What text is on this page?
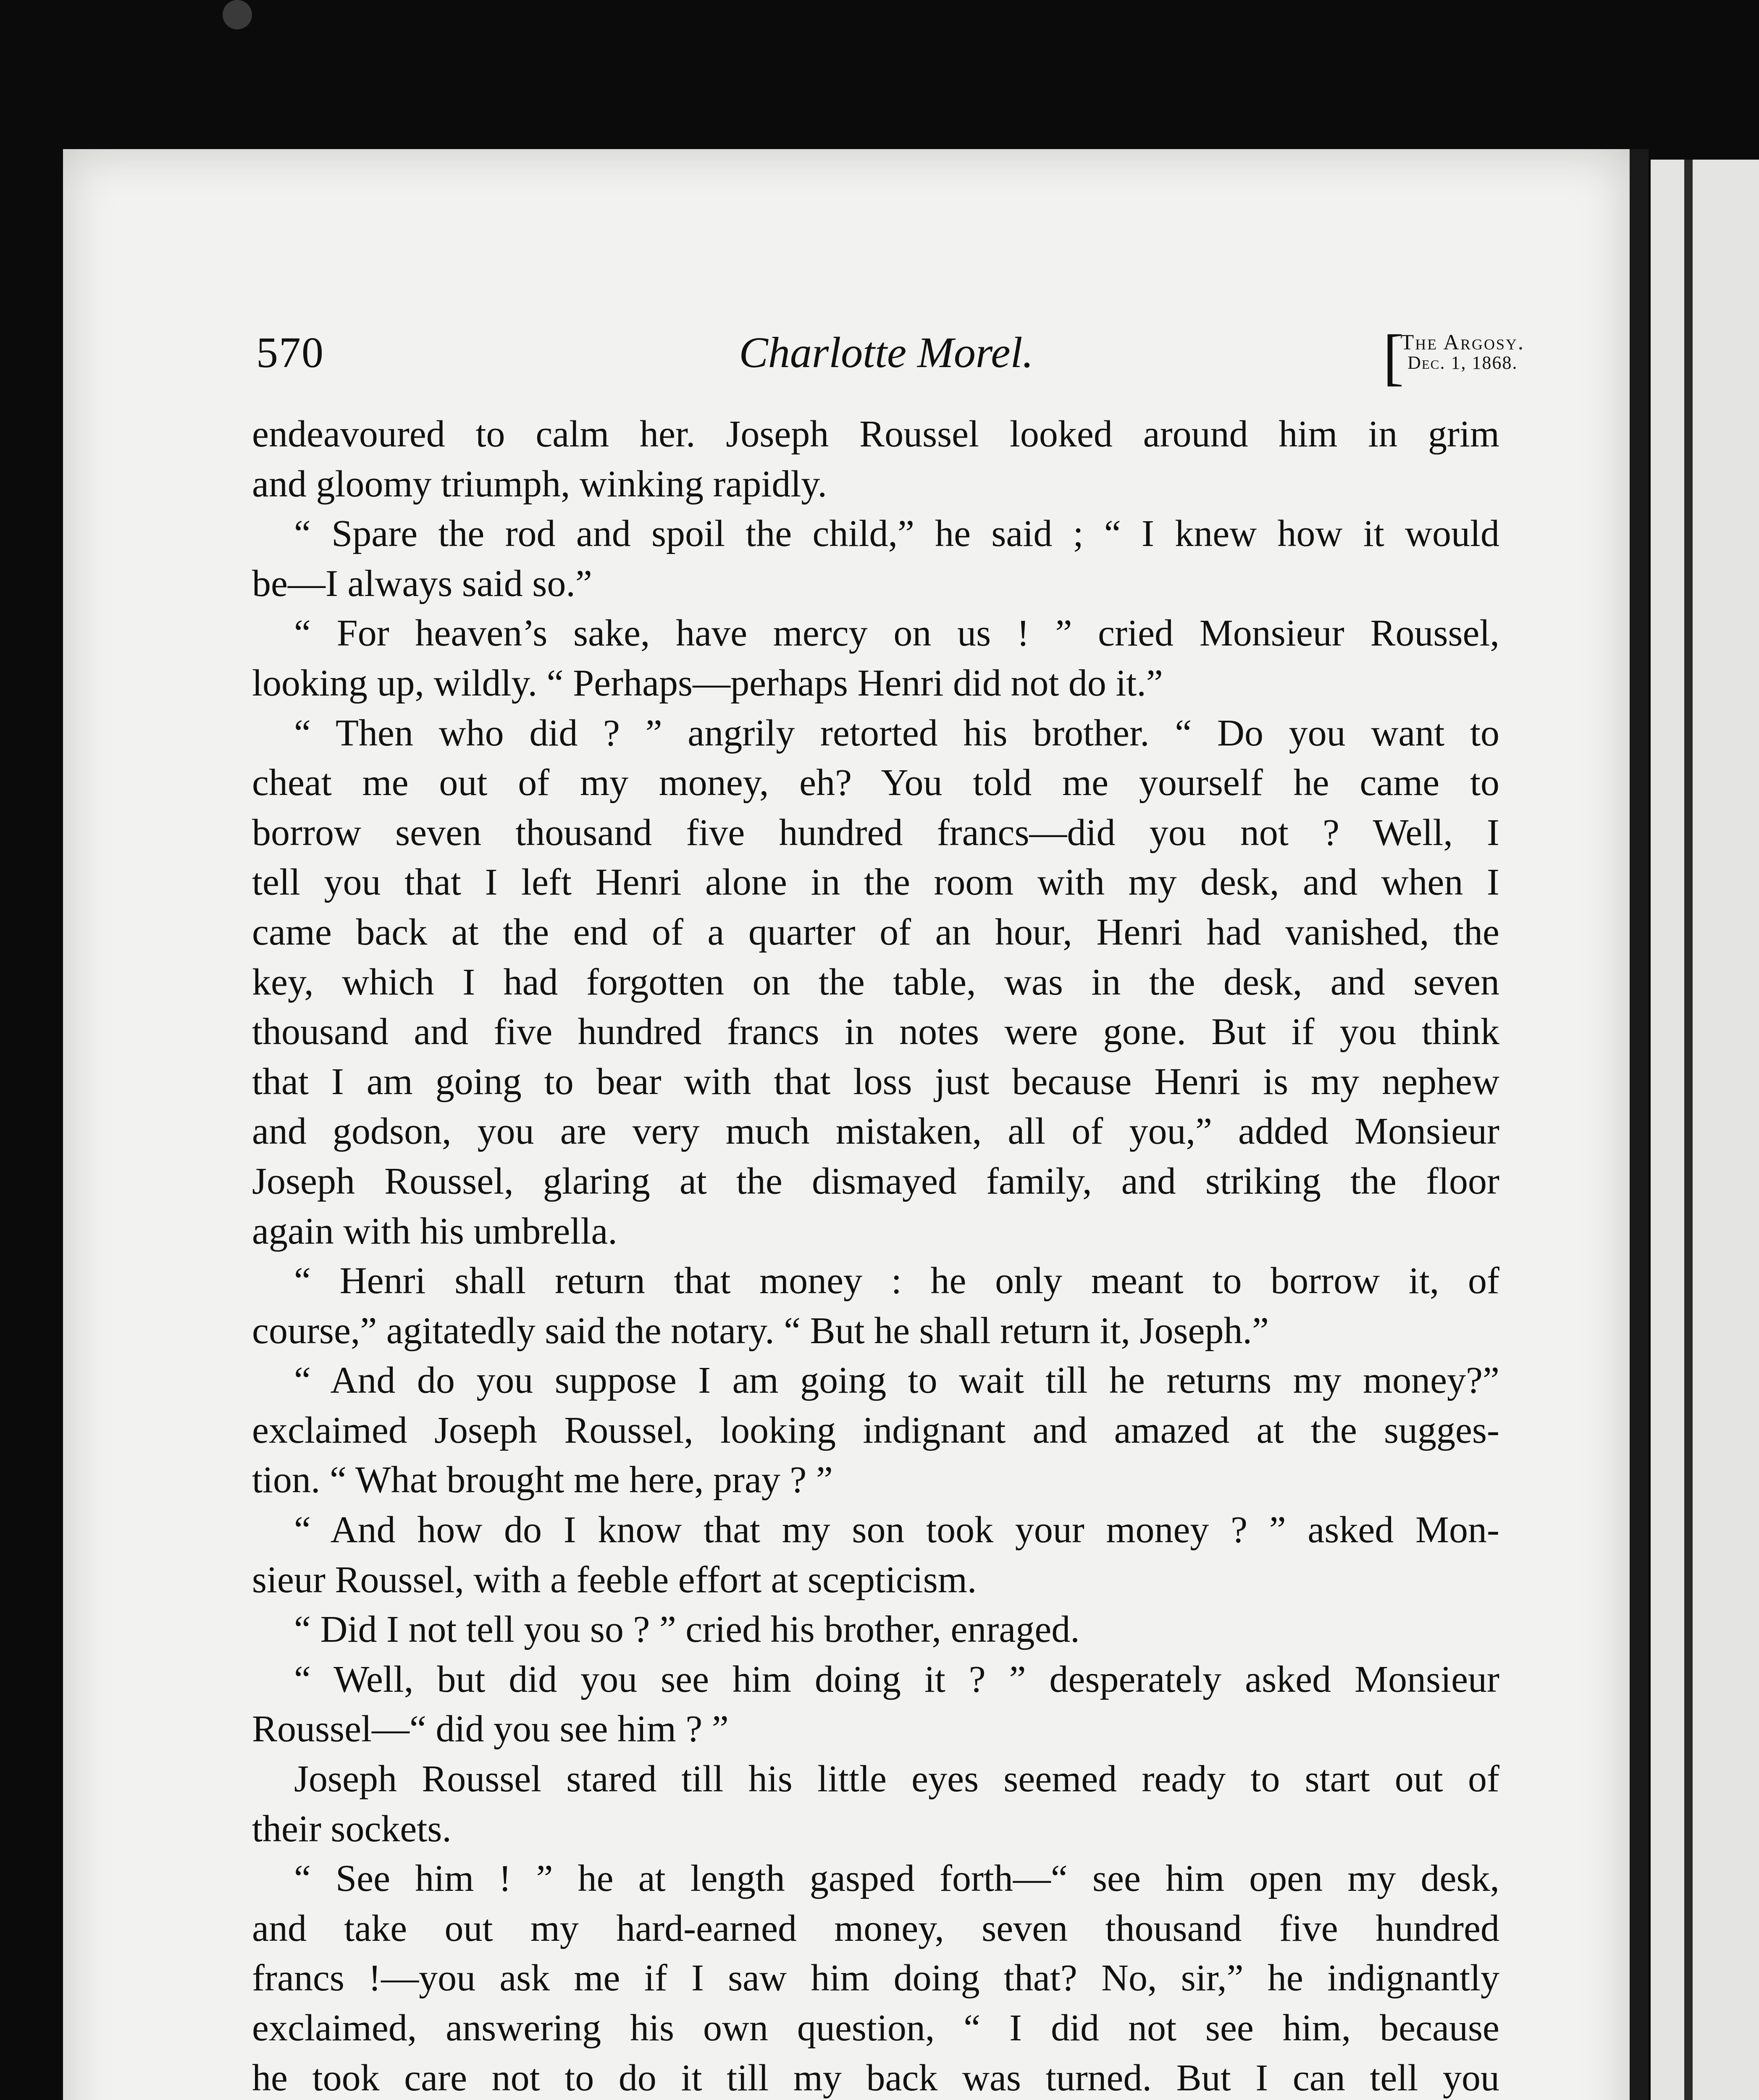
570	Charlotte Morel.	[
The Argosy.
Dec. 1, 1868.
endeavoured to calm her. Joseph Roussel looked around him in grim
and gloomy triumph, winking rapidly.
“ Spare the rod and spoil the child,” he said ; “ I knew how it would
be—I always said so.”
“ For heaven’s sake, have mercy on us ! ” cried Monsieur Roussel,
looking up, wildly. “ Perhaps—perhaps Henri did not do it.”
“ Then who did ? ” angrily retorted his brother. “ Do you want to
cheat me out of my money, eh? You told me yourself he came to
borrow seven thousand five hundred francs—did you not ? Well, I
tell you that I left Henri alone in the room with my desk, and when I
came back at the end of a quarter of an hour, Henri had vanished, the
key, which I had forgotten on the table, was in the desk, and seven
thousand and five hundred francs in notes were gone. But if you think
that I am going to bear with that loss just because Henri is my nephew
and godson, you are very much mistaken, all of you,” added Monsieur
Joseph Roussel, glaring at the dismayed family, and striking the floor
again with his umbrella.
“ Henri shall return that money : he only meant to borrow it, of
course,” agitatedly said the notary. “ But he shall return it, Joseph.”
“ And do you suppose I am going to wait till he returns my money?”
exclaimed Joseph Roussel, looking indignant and amazed at the sugges-
tion. “ What brought me here, pray ? ”
“ And how do I know that my son took your money ? ” asked Mon-
sieur Roussel, with a feeble effort at scepticism.
“ Did I not tell you so ? ” cried his brother, enraged.
“ Well, but did you see him doing it ? ” desperately asked Monsieur
Roussel—“ did you see him ? ”
Joseph Roussel stared till his little eyes seemed ready to start out of
their sockets.
“ See him ! ” he at length gasped forth—“ see him open my desk,
and take out my hard-earned money, seven thousand five hundred
francs !—you ask me if I saw him doing that? No, sir,” he indignantly
exclaimed, answering his own question, “ I did not see him, because
he took care not to do it till my back was turned. But I can tell you
